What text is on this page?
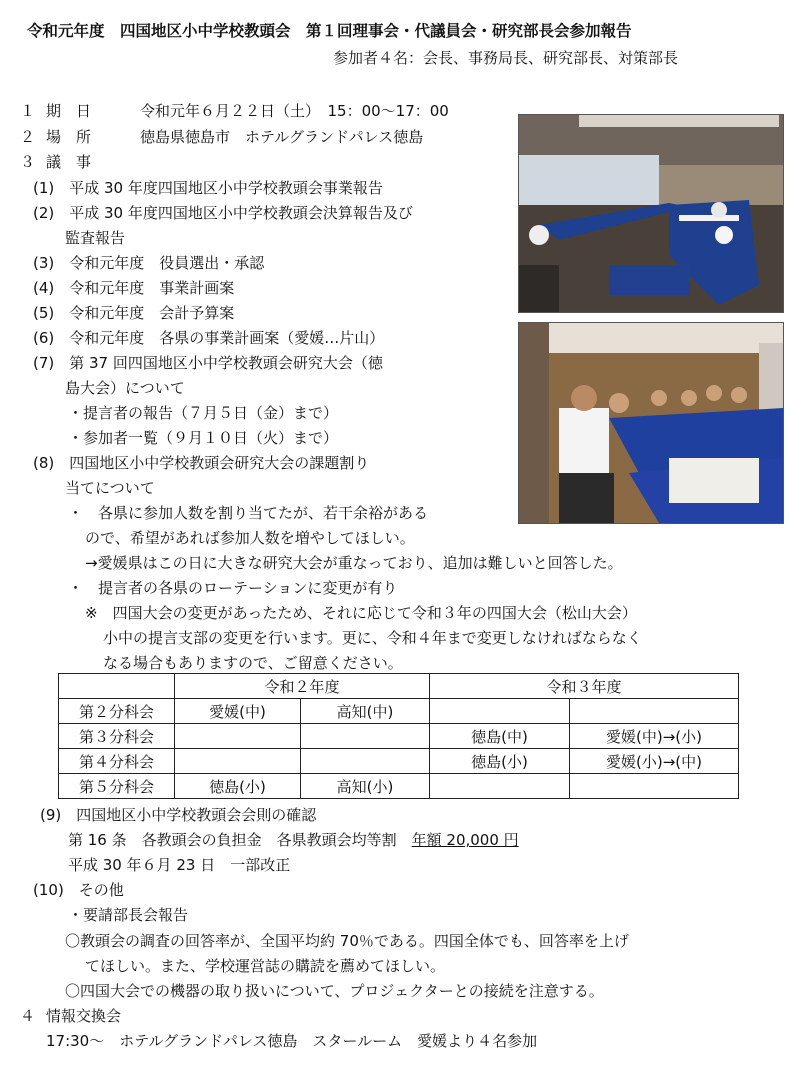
令和元年度　四国地区小中学校教頭会　第１回理事会・代議員会・研究部長会参加報告
参加者４名：会長、事務局長、研究部長、対策部長
１ 期　日	令和元年６月２２日（土）　15：00〜17：00
２ 場　所	徳島県徳島市　ホテルグランドパレス徳島
３ 議　事
(1)　平成 30 年度四国地区小中学校教頭会事業報告
(2)　平成 30 年度四国地区小中学校教頭会決算報告及び
監査報告
(3)　令和元年度　役員選出・承認
(4)　令和元年度　事業計画案
(5)　令和元年度　会計予算案
(6)　令和元年度　各県の事業計画案（愛媛…片山）
(7)　第 37 回四国地区小中学校教頭会研究大会（徳
島大会）について
・提言者の報告（７月５日（金）まで）
・参加者一覧（９月１０日（火）まで）
(8)　四国地区小中学校教頭会研究大会の課題割り
当てについて
・　各県に参加人数を割り当てたが、若干余裕がある
ので、希望があれば参加人数を増やしてほしい。
→愛媛県はこの日に大きな研究大会が重なっており、追加は難しいと回答した。
・　提言者の各県のローテーションに変更が有り
※　四国大会の変更があったため、それに応じて令和３年の四国大会（松山大会）
小中の提言支部の変更を行います。更に、令和４年まで変更しなければならなく
なる場合もありますので、ご留意ください。
	令和２年度		令和３年度	
第２分科会	愛媛(中)	高知(中)		
第３分科会			徳島(中)	愛媛(中)→(小)
第４分科会			徳島(小)	愛媛(小)→(中)
第５分科会	徳島(小)	高知(小)		
(9)　四国地区小中学校教頭会会則の確認
第 16 条　各教頭会の負担金　各県教頭会均等割　年額 20,000 円
平成 30 年６月 23 日　一部改正
(10)　その他
・要請部長会報告
〇教頭会の調査の回答率が、全国平均約 70％である。四国全体でも、回答率を上げ
てほしい。また、学校運営誌の購読を薦めてほしい。
〇四国大会での機器の取り扱いについて、プロジェクターとの接続を注意する。
４ 情報交換会
17:30〜　ホテルグランドパレス徳島　スタールーム　愛媛より４名参加
